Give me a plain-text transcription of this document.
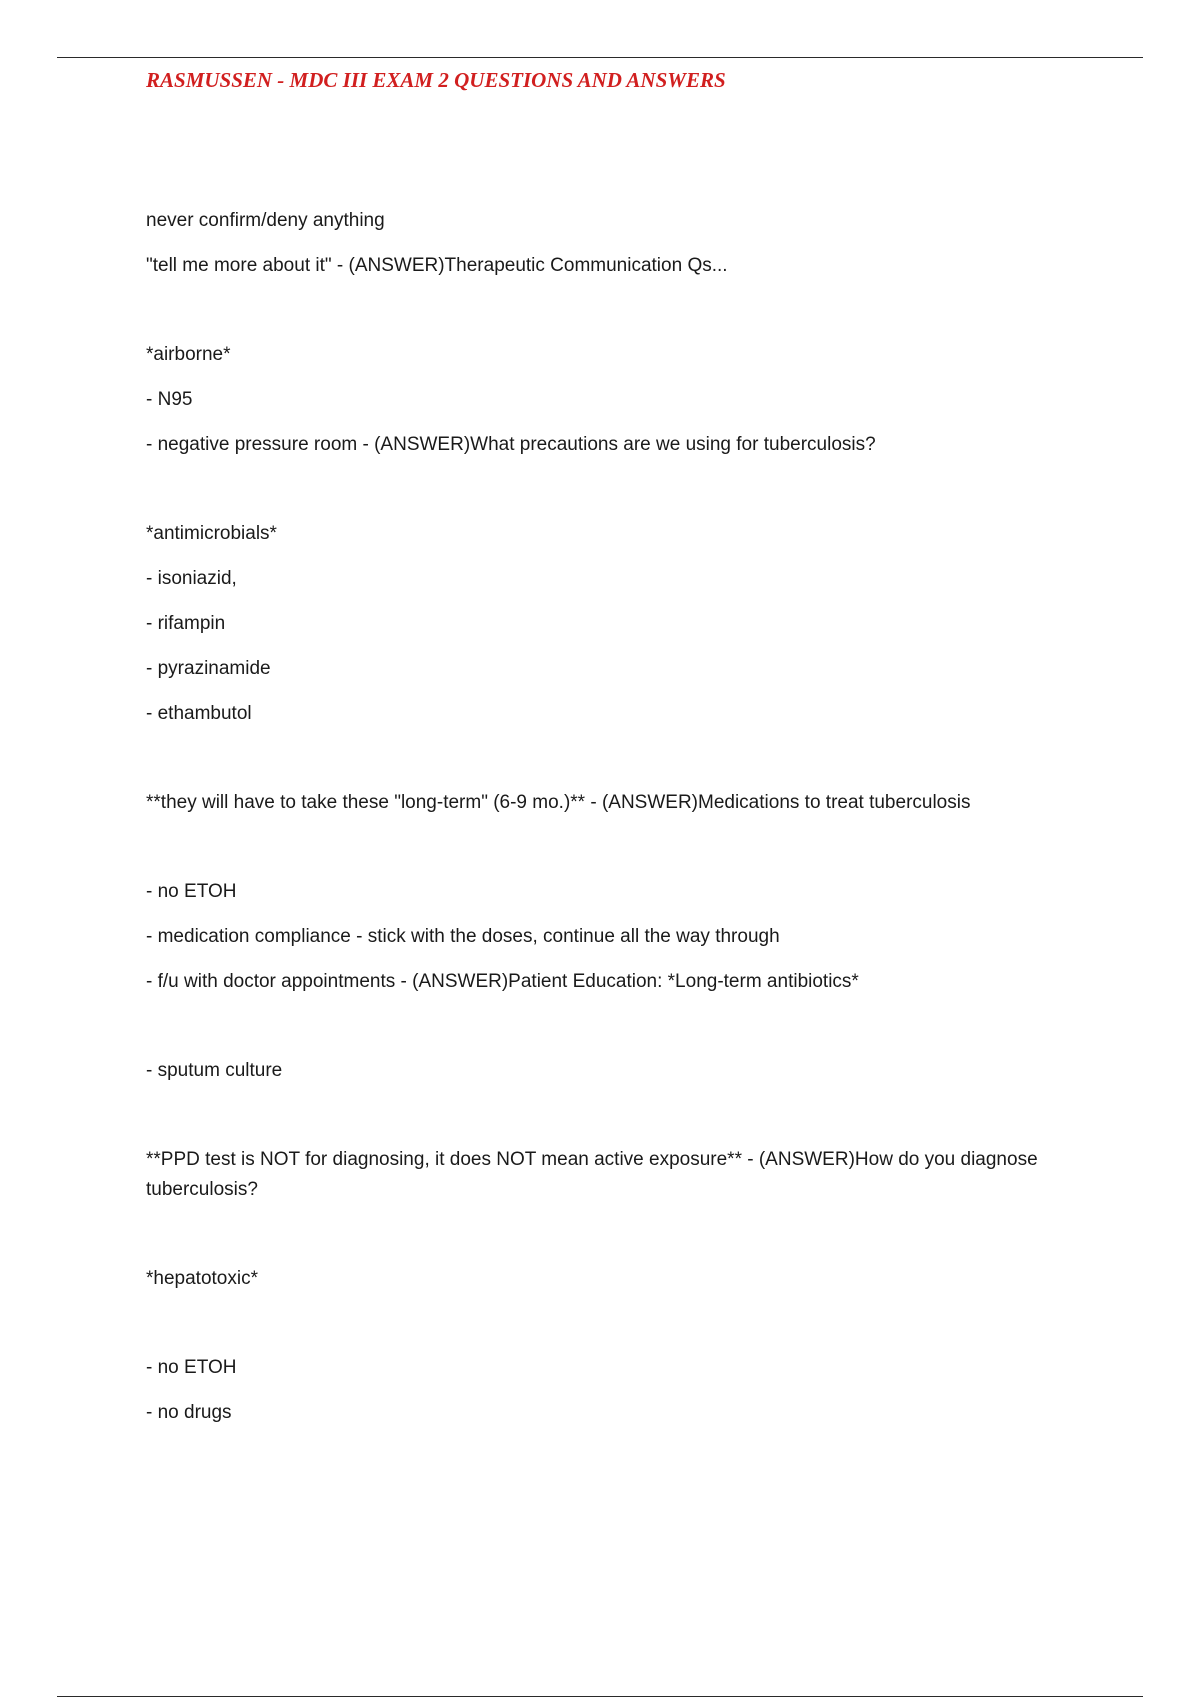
RASMUSSEN - MDC III EXAM 2 QUESTIONS AND ANSWERS
never confirm/deny anything
"tell me more about it" - (ANSWER)Therapeutic Communication Qs...
*airborne*
- N95
- negative pressure room - (ANSWER)What precautions are we using for tuberculosis?
*antimicrobials*
- isoniazid,
- rifampin
- pyrazinamide
- ethambutol
**they will have to take these "long-term" (6-9 mo.)** - (ANSWER)Medications to treat tuberculosis
- no ETOH
- medication compliance - stick with the doses, continue all the way through
- f/u with doctor appointments - (ANSWER)Patient Education: *Long-term antibiotics*
- sputum culture
**PPD test is NOT for diagnosing, it does NOT mean active exposure** - (ANSWER)How do you diagnose tuberculosis?
*hepatotoxic*
- no ETOH
- no drugs
